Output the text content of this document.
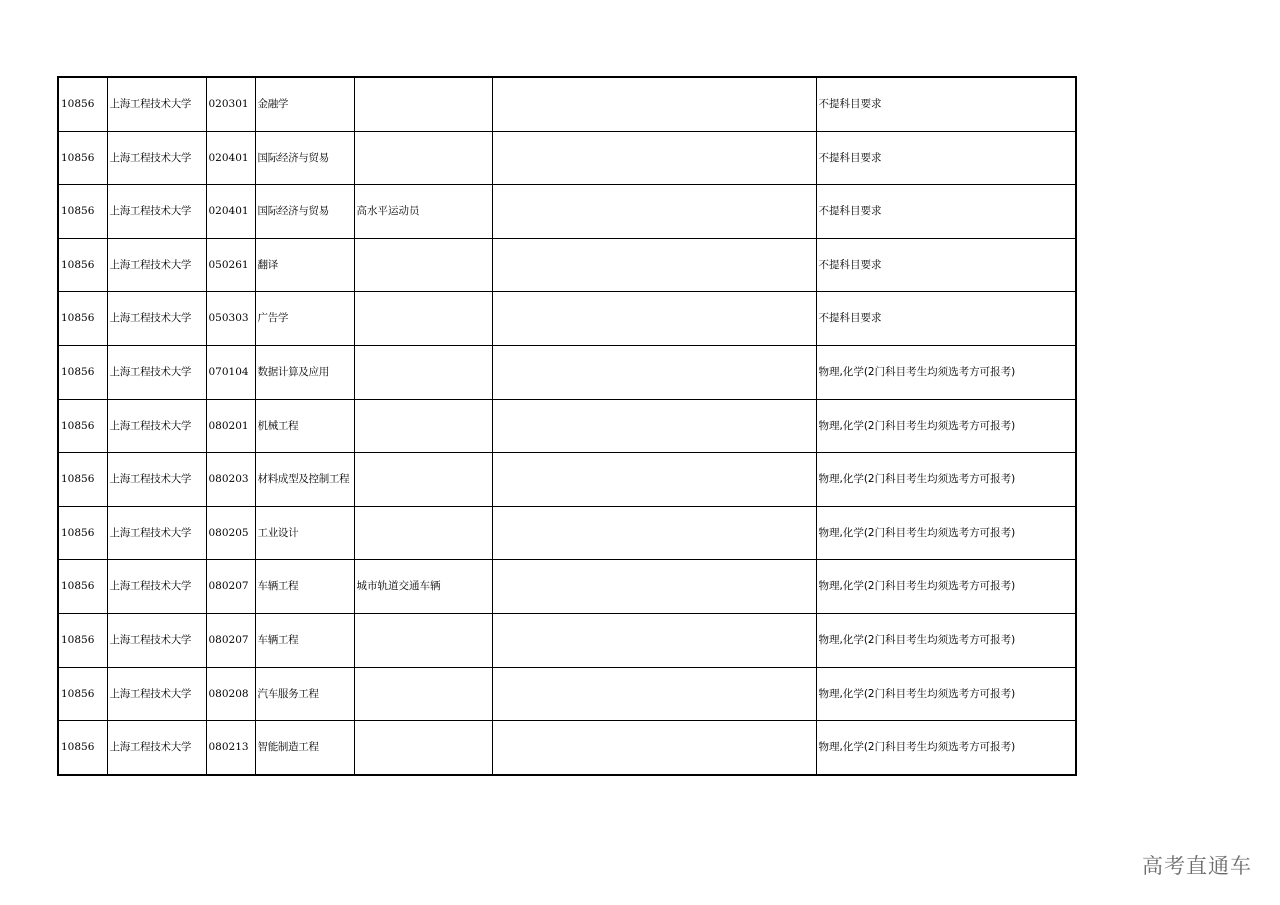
10856	上海工程技术大学	020301	金融学			不提科目要求
10856	上海工程技术大学	020401	国际经济与贸易			不提科目要求
10856	上海工程技术大学	020401	国际经济与贸易	高水平运动员		不提科目要求
10856	上海工程技术大学	050261	翻译			不提科目要求
10856	上海工程技术大学	050303	广告学			不提科目要求
10856	上海工程技术大学	070104	数据计算及应用			物理,化学(2门科目考生均须选考方可报考)
10856	上海工程技术大学	080201	机械工程			物理,化学(2门科目考生均须选考方可报考)
10856	上海工程技术大学	080203	材料成型及控制工程			物理,化学(2门科目考生均须选考方可报考)
10856	上海工程技术大学	080205	工业设计			物理,化学(2门科目考生均须选考方可报考)
10856	上海工程技术大学	080207	车辆工程	城市轨道交通车辆		物理,化学(2门科目考生均须选考方可报考)
10856	上海工程技术大学	080207	车辆工程			物理,化学(2门科目考生均须选考方可报考)
10856	上海工程技术大学	080208	汽车服务工程			物理,化学(2门科目考生均须选考方可报考)
10856	上海工程技术大学	080213	智能制造工程			物理,化学(2门科目考生均须选考方可报考)
高考直通车
